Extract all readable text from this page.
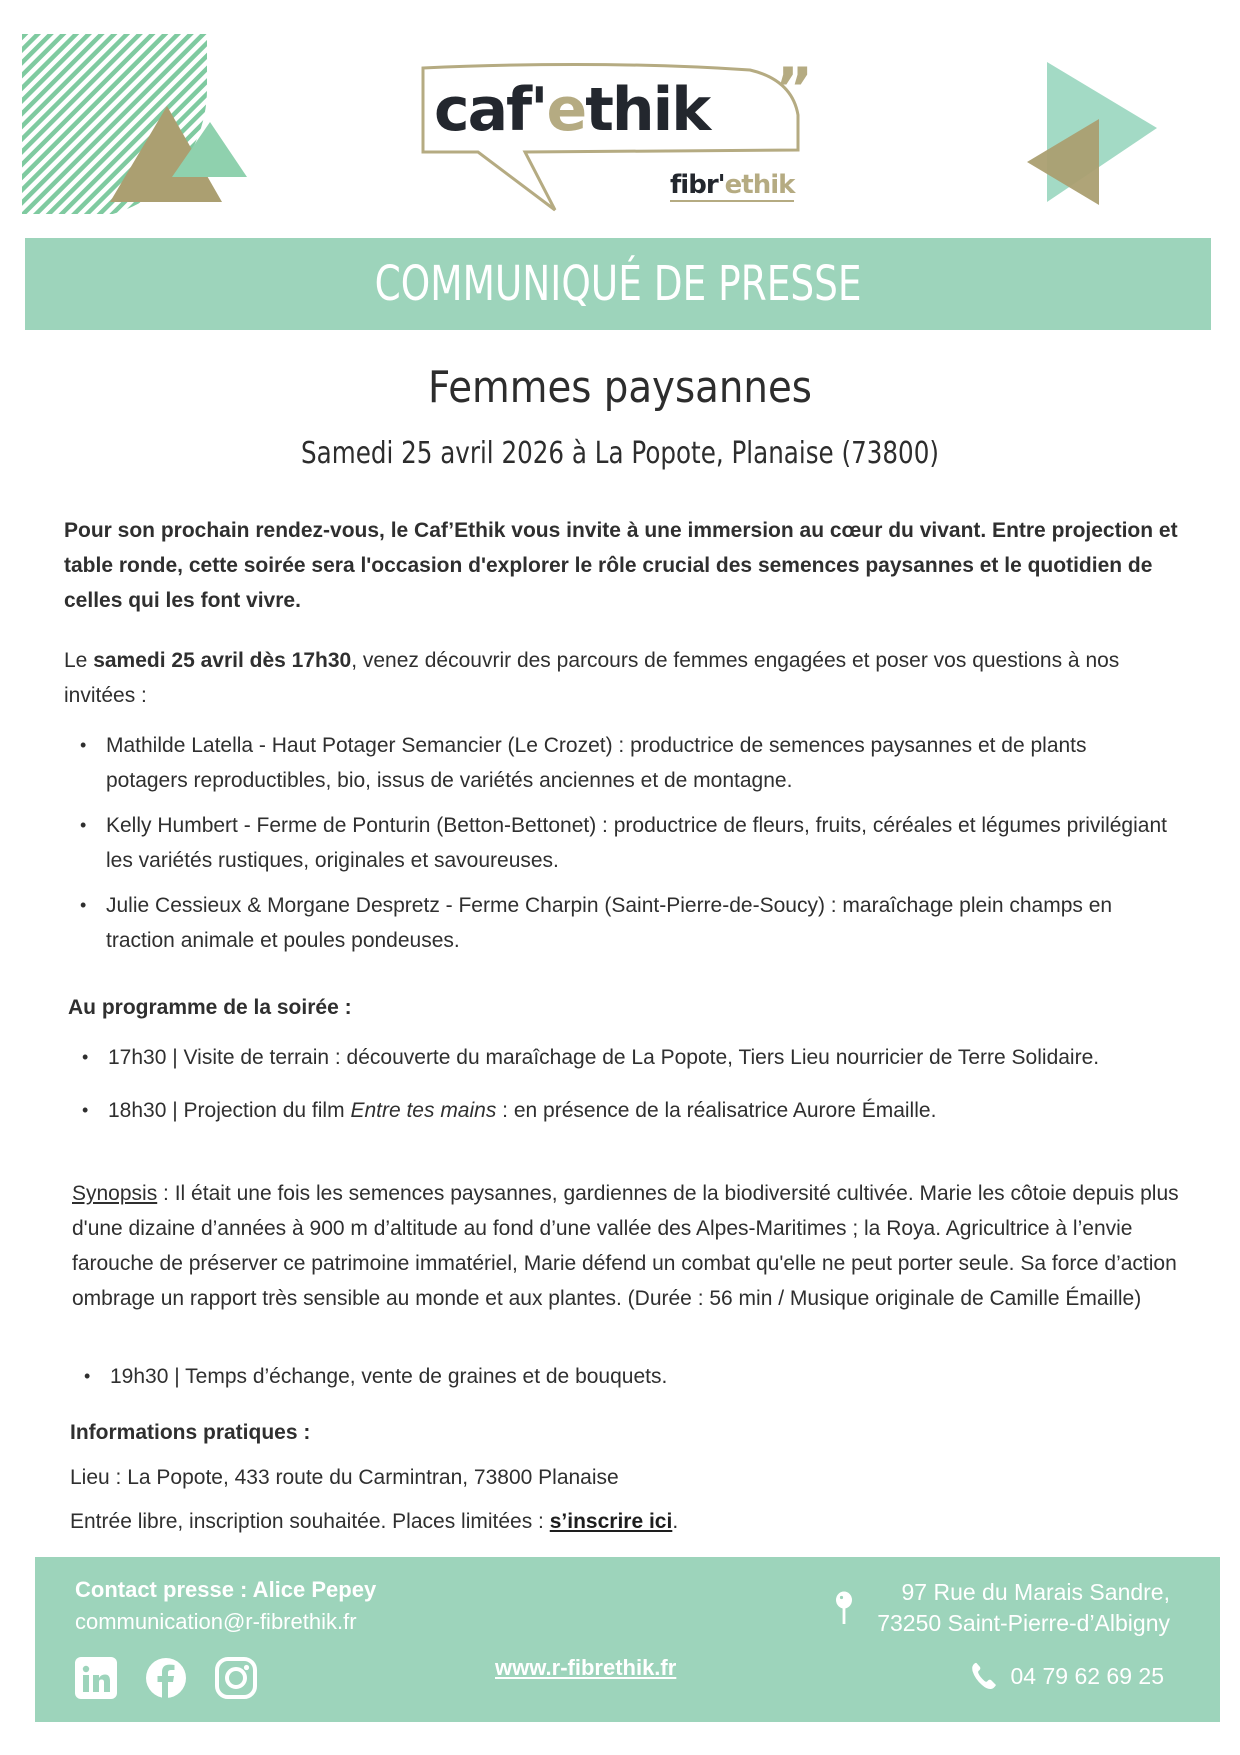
caf'ethik ”
fibr'ethik
COMMUNIQUÉ DE PRESSE
Femmes paysannes
Samedi 25 avril 2026 à La Popote, Planaise (73800)
Pour son prochain rendez-vous, le Caf’Ethik vous invite à une immersion au cœur du vivant. Entre projection et table ronde, cette soirée sera l'occasion d'explorer le rôle crucial des semences paysannes et le quotidien de celles qui les font vivre.
Le samedi 25 avril dès 17h30, venez découvrir des parcours de femmes engagées et poser vos questions à nos invitées :
• Mathilde Latella - Haut Potager Semancier (Le Crozet) : productrice de semences paysannes et de plants potagers reproductibles, bio, issus de variétés anciennes et de montagne.
• Kelly Humbert - Ferme de Ponturin (Betton-Bettonet) : productrice de fleurs, fruits, céréales et légumes privilégiant les variétés rustiques, originales et savoureuses.
• Julie Cessieux & Morgane Despretz - Ferme Charpin (Saint-Pierre-de-Soucy) : maraîchage plein champs en traction animale et poules pondeuses.
Au programme de la soirée :
• 17h30 | Visite de terrain : découverte du maraîchage de La Popote, Tiers Lieu nourricier de Terre Solidaire.
• 18h30 | Projection du film Entre tes mains : en présence de la réalisatrice Aurore Émaille.
Synopsis : Il était une fois les semences paysannes, gardiennes de la biodiversité cultivée. Marie les côtoie depuis plus d'une dizaine d’années à 900 m d’altitude au fond d’une vallée des Alpes-Maritimes ; la Roya. Agricultrice à l’envie farouche de préserver ce patrimoine immatériel, Marie défend un combat qu'elle ne peut porter seule. Sa force d’action ombrage un rapport très sensible au monde et aux plantes. (Durée : 56 min / Musique originale de Camille Émaille)
• 19h30 | Temps d’échange, vente de graines et de bouquets.
Informations pratiques :
Lieu : La Popote, 433 route du Carmintran, 73800 Planaise
Entrée libre, inscription souhaitée. Places limitées : s’inscrire ici.
Contact presse : Alice Pepey
communication@r-fibrethik.fr
www.r-fibrethik.fr
97 Rue du Marais Sandre,
73250 Saint-Pierre-d’Albigny
04 79 62 69 25
